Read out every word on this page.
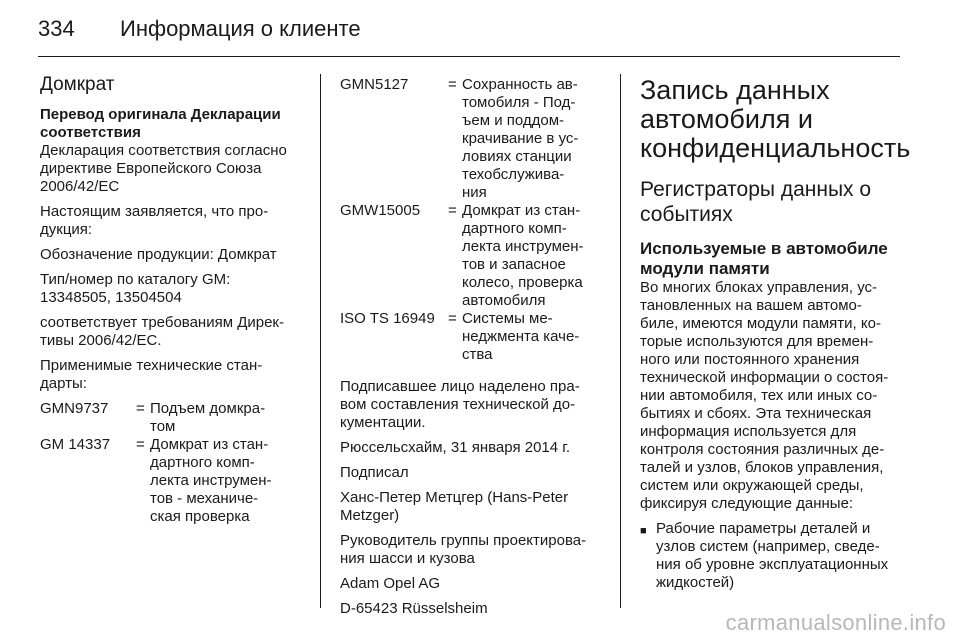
334	Информация о клиенте
Домкрат

Перевод оригинала Декларации
соответствия

Декларация соответствия согласно
директиве Европейского Союза
2006/42/EC

Настоящим заявляется, что про-
дукция:

Обозначение продукции: Домкрат

Тип/номер по каталогу GM:
13348505, 13504504

соответствует требованиям Дирек-
тивы 2006/42/EC.

Применимые технические стан-
дарты:

GMN9737	= Подъем домкра-
том
GM 14337	= Домкрат из стан-
дартного комп-
лекта инструмен-
тов - механиче-
ская проверка
GMN5127	= Сохранность ав-
томобиля - Под-
ъем и поддом-
крачивание в ус-
ловиях станции
техобслужива-
ния
GMW15005	= Домкрат из стан-
дартного комп-
лекта инструмен-
тов и запасное
колесо, проверка
автомобиля
ISO TS 16949 = Системы ме-
неджмента каче-
ства

Подписавшее лицо наделено пра-
вом составления технической до-
кументации.

Рюссельсхайм, 31 января 2014 г.

Подписал

Ханс-Петер Метцгер (Hans-Peter
Metzger)

Руководитель группы проектирова-
ния шасси и кузова

Adam Opel AG

D-65423 Rüsselsheim

Запись данных
автомобиля и
конфиденциальность
Регистраторы данных о
событиях
Используемые в автомобиле
модули памяти

Во многих блоках управления, ус-
тановленных на вашем автомо-
биле, имеются модули памяти, ко-
торые используются для времен-
ного или постоянного хранения
технической информации о состоя-
нии автомобиля, тех или иных со-
бытиях и сбоях. Эта техническая
информация используется для
контроля состояния различных де-
талей и узлов, блоков управления,
систем или окружающей среды,
фиксируя следующие данные:

■ Рабочие параметры деталей и
узлов систем (например, сведе-
ния об уровне эксплуатационных
жидкостей)
carmanualsonline.info
